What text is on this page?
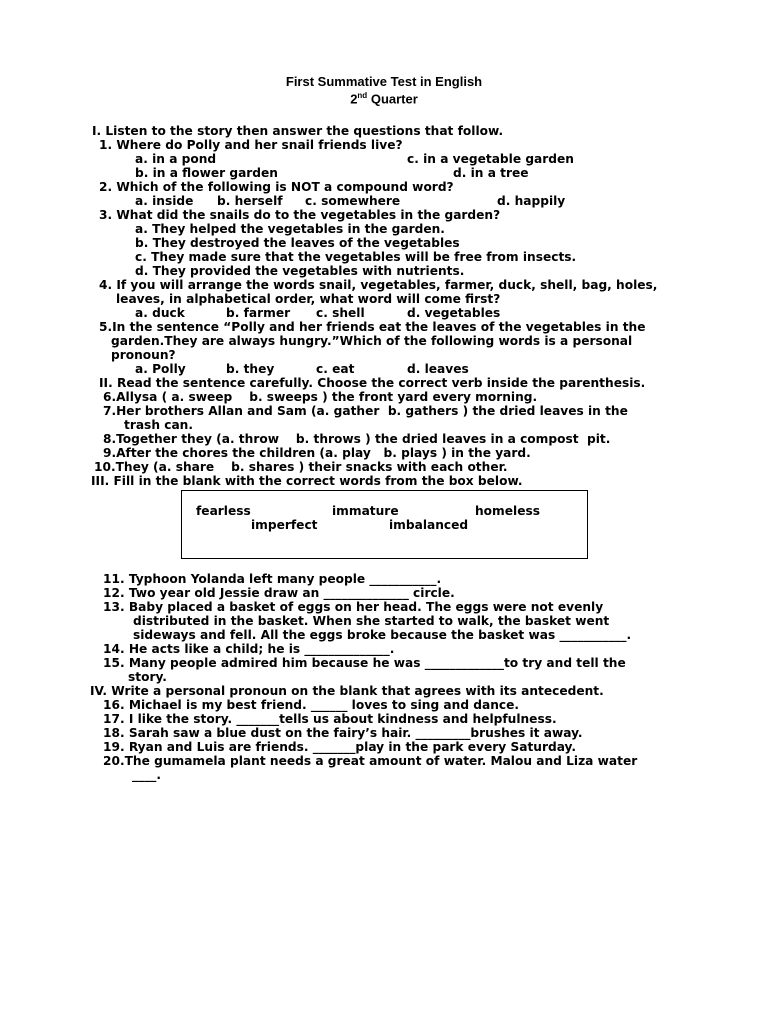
First Summative Test in English
2nd Quarter
I. Listen to the story then answer the questions that follow.
1. Where do Polly and her snail friends live?
a. in a pond	c. in a vegetable garden
b. in a flower garden	d. in a tree
2. Which of the following is NOT a compound word?
a. inside b. herself c. somewhere	d. happily
3. What did the snails do to the vegetables in the garden?
a. They helped the vegetables in the garden.
b. They destroyed the leaves of the vegetables
c. They made sure that the vegetables will be free from insects.
d. They provided the vegetables with nutrients.
4. If you will arrange the words snail, vegetables, farmer, duck, shell, bag, holes,
leaves, in alphabetical order, what word will come first?
a. duck	b. farmer c. shell	d. vegetables
5.In the sentence “Polly and her friends eat the leaves of the vegetables in the
garden.They are always hungry.”Which of the following words is a personal
pronoun?
a. Polly	b. they	c. eat	d. leaves
II. Read the sentence carefully. Choose the correct verb inside the parenthesis.
6.Allysa ( a. sweep    b. sweeps ) the front yard every morning.
7.Her brothers Allan and Sam (a. gather  b. gathers ) the dried leaves in the
trash can.
8.Together they (a. throw    b. throws ) the dried leaves in a compost  pit.
9.After the chores the children (a. play   b. plays ) in the yard.
10.They (a. share    b. shares ) their snacks with each other.
III. Fill in the blank with the correct words from the box below.
fearless	immature	homeless
imperfect	imbalanced
11. Typhoon Yolanda left many people ___________.
12. Two year old Jessie draw an ______________ circle.
13. Baby placed a basket of eggs on her head. The eggs were not evenly
distributed in the basket. When she started to walk, the basket went
sideways and fell. All the eggs broke because the basket was ___________.
14. He acts like a child; he is ______________.
15. Many people admired him because he was _____________to try and tell the
story.
IV. Write a personal pronoun on the blank that agrees with its antecedent.
16. Michael is my best friend. ______ loves to sing and dance.
17. I like the story. _______tells us about kindness and helpfulness.
18. Sarah saw a blue dust on the fairy’s hair. _________brushes it away.
19. Ryan and Luis are friends. _______play in the park every Saturday.
20.The gumamela plant needs a great amount of water. Malou and Liza water
____.
